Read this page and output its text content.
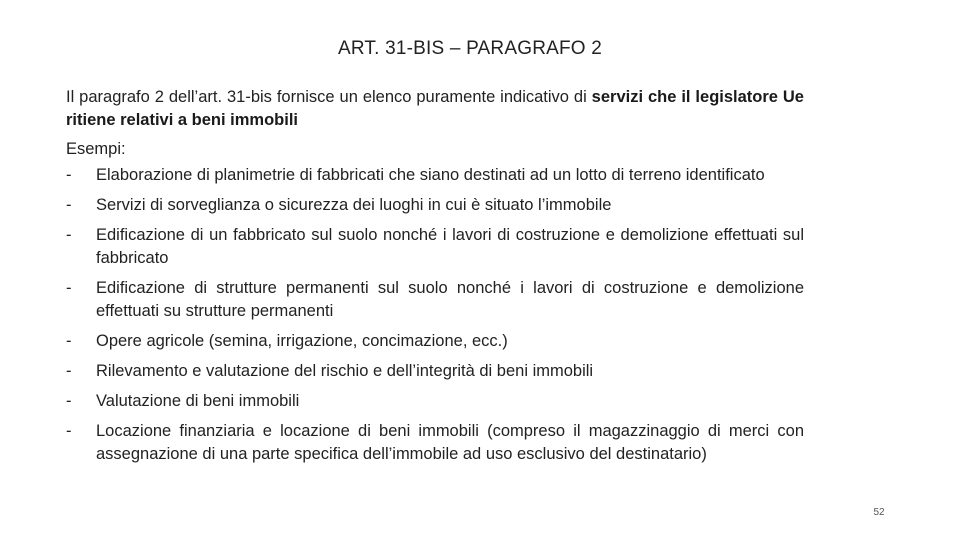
ART. 31-BIS – PARAGRAFO 2

Il paragrafo 2 dell’art. 31-bis fornisce un elenco puramente indicativo di servizi che il legislatore Ue ritiene relativi a beni immobili

Esempi:

- Elaborazione di planimetrie di fabbricati che siano destinati ad un lotto di terreno identificato
- Servizi di sorveglianza o sicurezza dei luoghi in cui è situato l’immobile
- Edificazione di un fabbricato sul suolo nonché i lavori di costruzione e demolizione effettuati sul fabbricato
- Edificazione di strutture permanenti sul suolo nonché i lavori di costruzione e demolizione effettuati su strutture permanenti
- Opere agricole (semina, irrigazione, concimazione, ecc.)
- Rilevamento e valutazione del rischio e dell’integrità di beni immobili
- Valutazione di beni immobili
- Locazione finanziaria e locazione di beni immobili (compreso il magazzinaggio di merci con assegnazione di una parte specifica dell’immobile ad uso esclusivo del destinatario)
52
